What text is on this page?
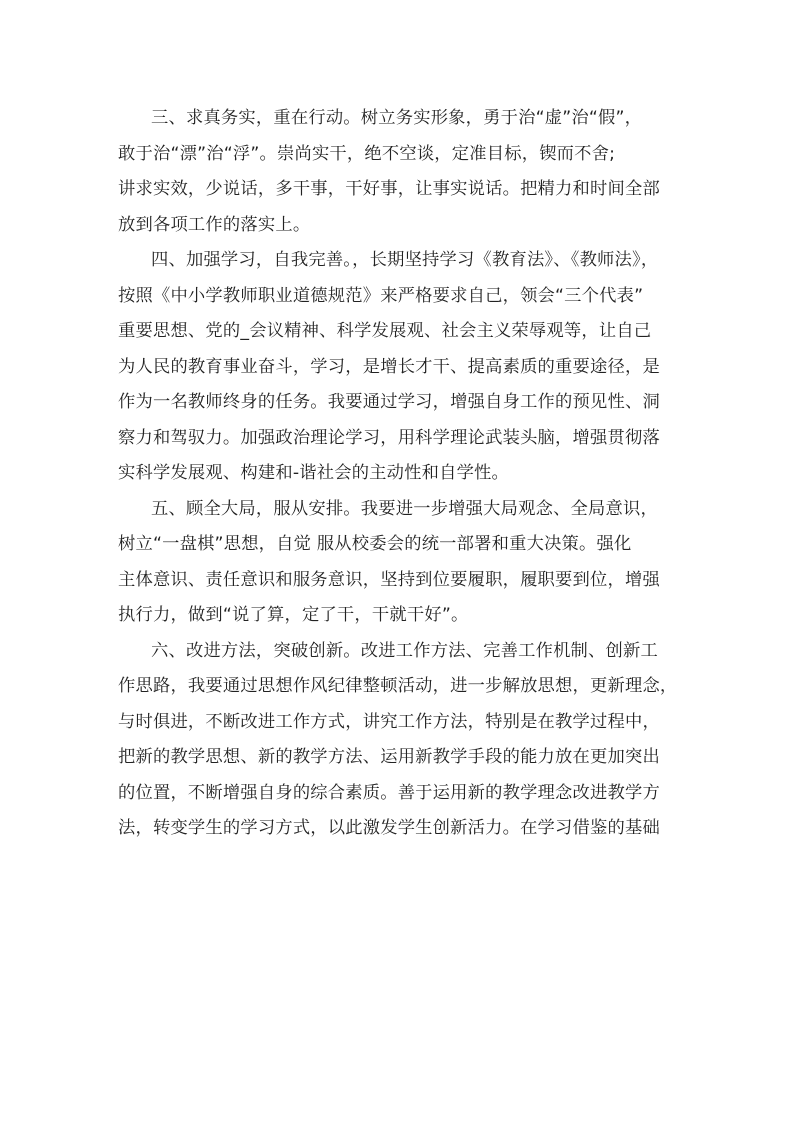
三、求真务实，重在行动。树立务实形象，勇于治“虚”治“假”，
敢于治“漂”治“浮”。崇尚实干，绝不空谈，定准目标，锲而不舍;
讲求实效，少说话，多干事，干好事，让事实说话。把精力和时间全部
放到各项工作的落实上。
四、加强学习，自我完善。，长期坚持学习《教育法》、《教师法》，
按照《中小学教师职业道德规范》来严格要求自己，领会“三个代表”
重要思想、党的_会议精神、科学发展观、社会主义荣辱观等，让自己
为人民的教育事业奋斗，学习，是增长才干、提高素质的重要途径，是
作为一名教师终身的任务。我要通过学习，增强自身工作的预见性、洞
察力和驾驭力。加强政治理论学习，用科学理论武装头脑，增强贯彻落
实科学发展观、构建和-谐社会的主动性和自学性。
五、顾全大局，服从安排。我要进一步增强大局观念、全局意识，
树立“一盘棋”思想，自觉 服从校委会的统一部署和重大决策。强化
主体意识、责任意识和服务意识，坚持到位要履职，履职要到位，增强
执行力，做到“说了算，定了干，干就干好”。
六、改进方法，突破创新。改进工作方法、完善工作机制、创新工
作思路，我要通过思想作风纪律整顿活动，进一步解放思想，更新理念，
与时俱进，不断改进工作方式，讲究工作方法，特别是在教学过程中，
把新的教学思想、新的教学方法、运用新教学手段的能力放在更加突出
的位置，不断增强自身的综合素质。善于运用新的教学理念改进教学方
法，转变学生的学习方式，以此激发学生创新活力。在学习借鉴的基础
